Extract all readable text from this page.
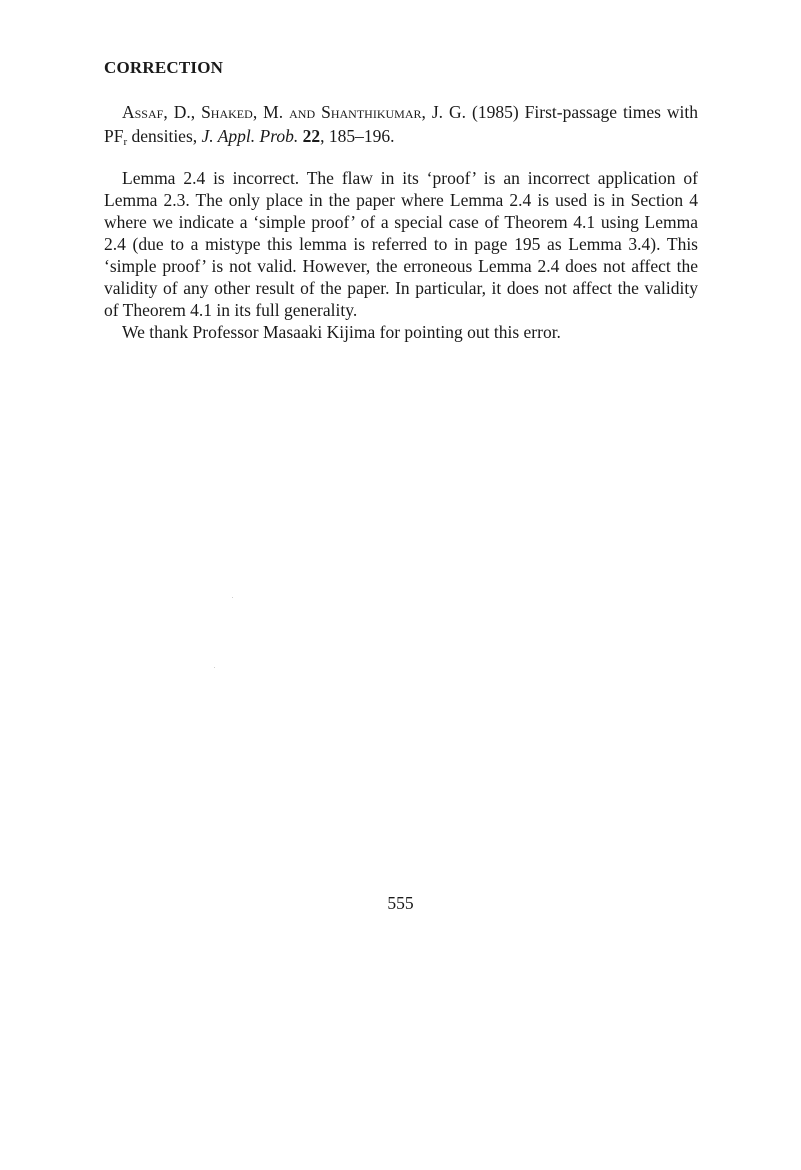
CORRECTION
Assaf, D., Shaked, M. and Shanthikumar, J. G. (1985) First-passage times with $PF_r$ densities, J. Appl. Prob. 22, 185–196.

Lemma 2.4 is incorrect. The flaw in its ‘proof’ is an incorrect application of Lemma 2.3. The only place in the paper where Lemma 2.4 is used is in Section 4 where we indicate a ‘simple proof’ of a special case of Theorem 4.1 using Lemma 2.4 (due to a mistype this lemma is referred to in page 195 as Lemma 3.4). This ‘simple proof’ is not valid. However, the erroneous Lemma 2.4 does not affect the validity of any other result of the paper. In particular, it does not affect the validity of Theorem 4.1 in its full generality.

We thank Professor Masaaki Kijima for pointing out this error.

555
